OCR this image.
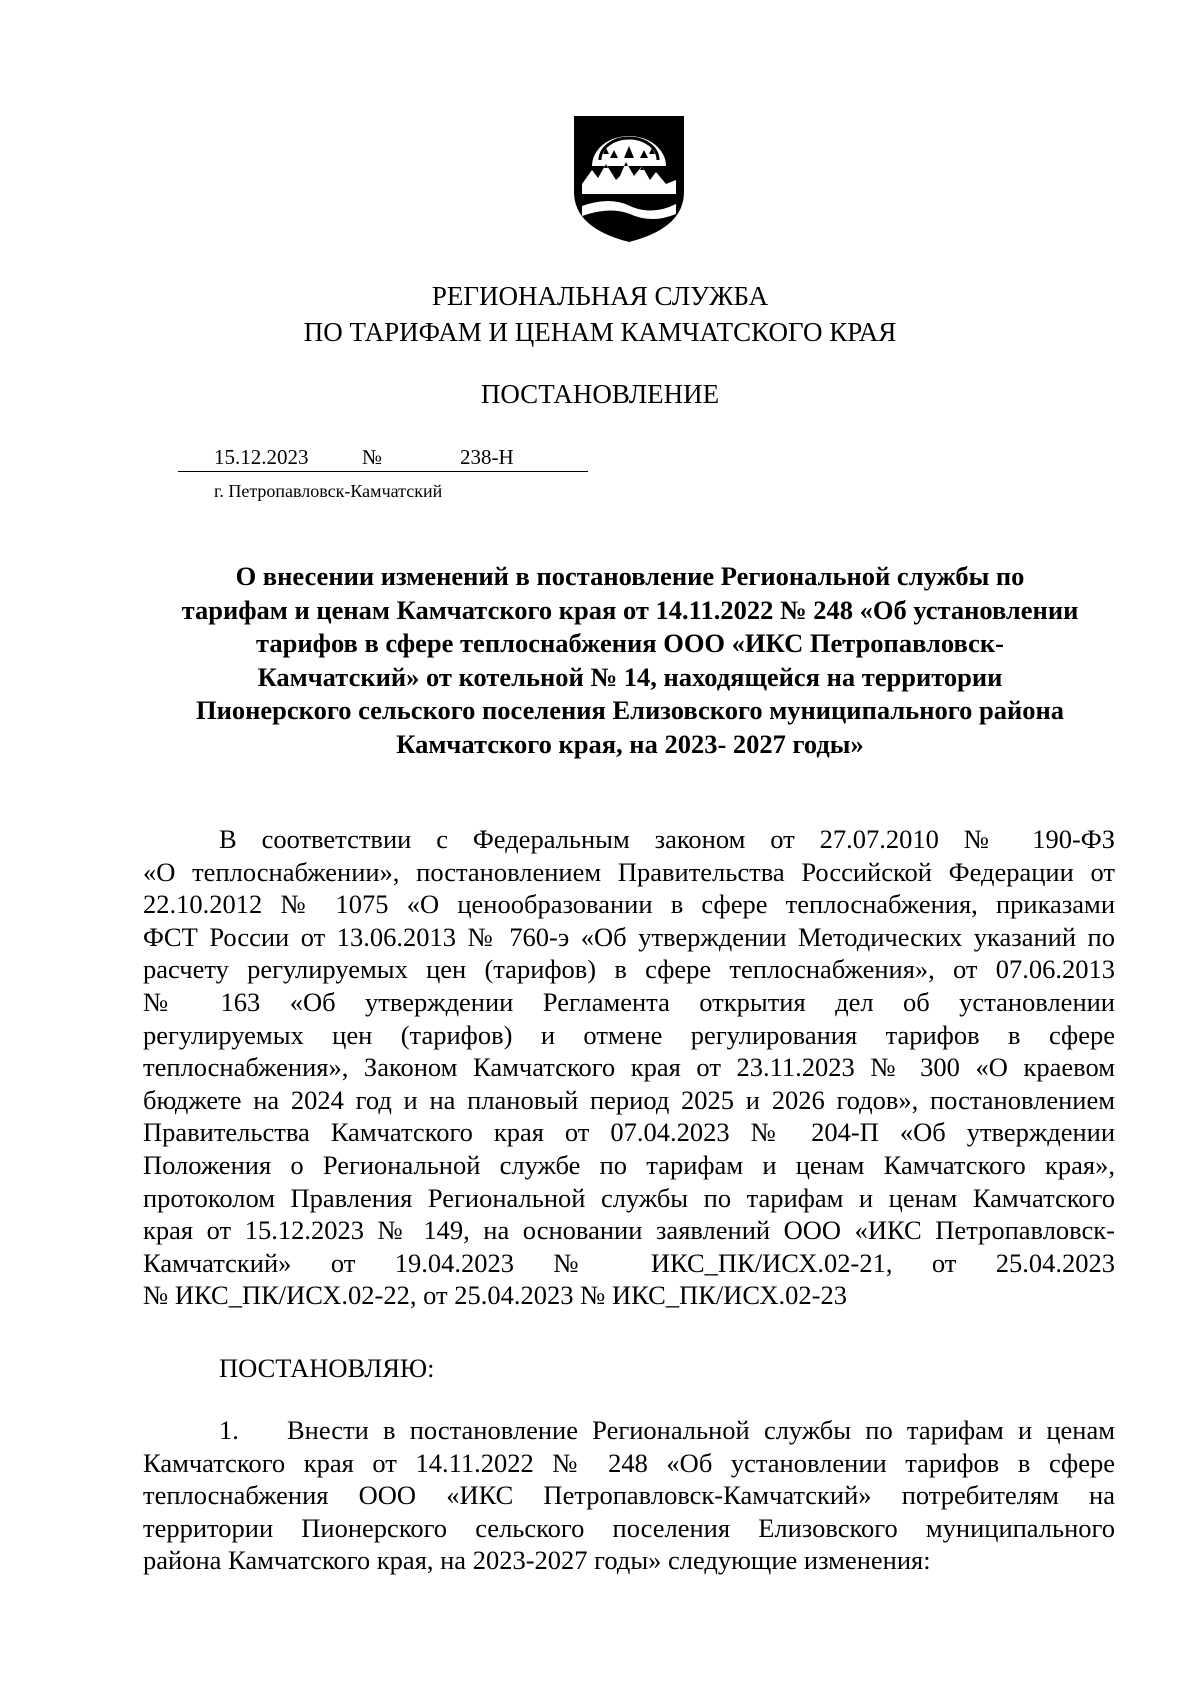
РЕГИОНАЛЬНАЯ СЛУЖБА
ПО ТАРИФАМ И ЦЕНАМ КАМЧАТСКОГО КРАЯ
ПОСТАНОВЛЕНИЕ
15.12.2023	№	238-Н
г. Петропавловск-Камчатский
О внесении изменений в постановление Региональной службы по
тарифам и ценам Камчатского края от 14.11.2022 № 248 «Об установлении
тарифов в сфере теплоснабжения ООО «ИКС Петропавловск-
Камчатский» от котельной № 14, находящейся на территории
Пионерского сельского поселения Елизовского муниципального района
Камчатского края, на 2023- 2027 годы»
В соответствии с Федеральным законом от 27.07.2010 № 190-ФЗ
«О теплоснабжении», постановлением Правительства Российской Федерации от
22.10.2012 № 1075 «О ценообразовании в сфере теплоснабжения, приказами
ФСТ России от 13.06.2013 № 760-э «Об утверждении Методических указаний по
расчету регулируемых цен (тарифов) в сфере теплоснабжения», от 07.06.2013
№ 163 «Об утверждении Регламента открытия дел об установлении
регулируемых цен (тарифов) и отмене регулирования тарифов в сфере
теплоснабжения», Законом Камчатского края от 23.11.2023 № 300 «О краевом
бюджете на 2024 год и на плановый период 2025 и 2026 годов», постановлением
Правительства Камчатского края от 07.04.2023 № 204-П «Об утверждении
Положения о Региональной службе по тарифам и ценам Камчатского края»,
протоколом Правления Региональной службы по тарифам и ценам Камчатского
края от 15.12.2023 № 149, на основании заявлений ООО «ИКС Петропавловск-
Камчатский» от 19.04.2023 № ИКС_ПК/ИСХ.02-21, от 25.04.2023
№ ИКС_ПК/ИСХ.02-22, от 25.04.2023 № ИКС_ПК/ИСХ.02-23
ПОСТАНОВЛЯЮ:
1. Внести в постановление Региональной службы по тарифам и ценам
Камчатского края от 14.11.2022 № 248 «Об установлении тарифов в сфере
теплоснабжения ООО «ИКС Петропавловск-Камчатский» потребителям на
территории Пионерского сельского поселения Елизовского муниципального
района Камчатского края, на 2023-2027 годы» следующие изменения:
